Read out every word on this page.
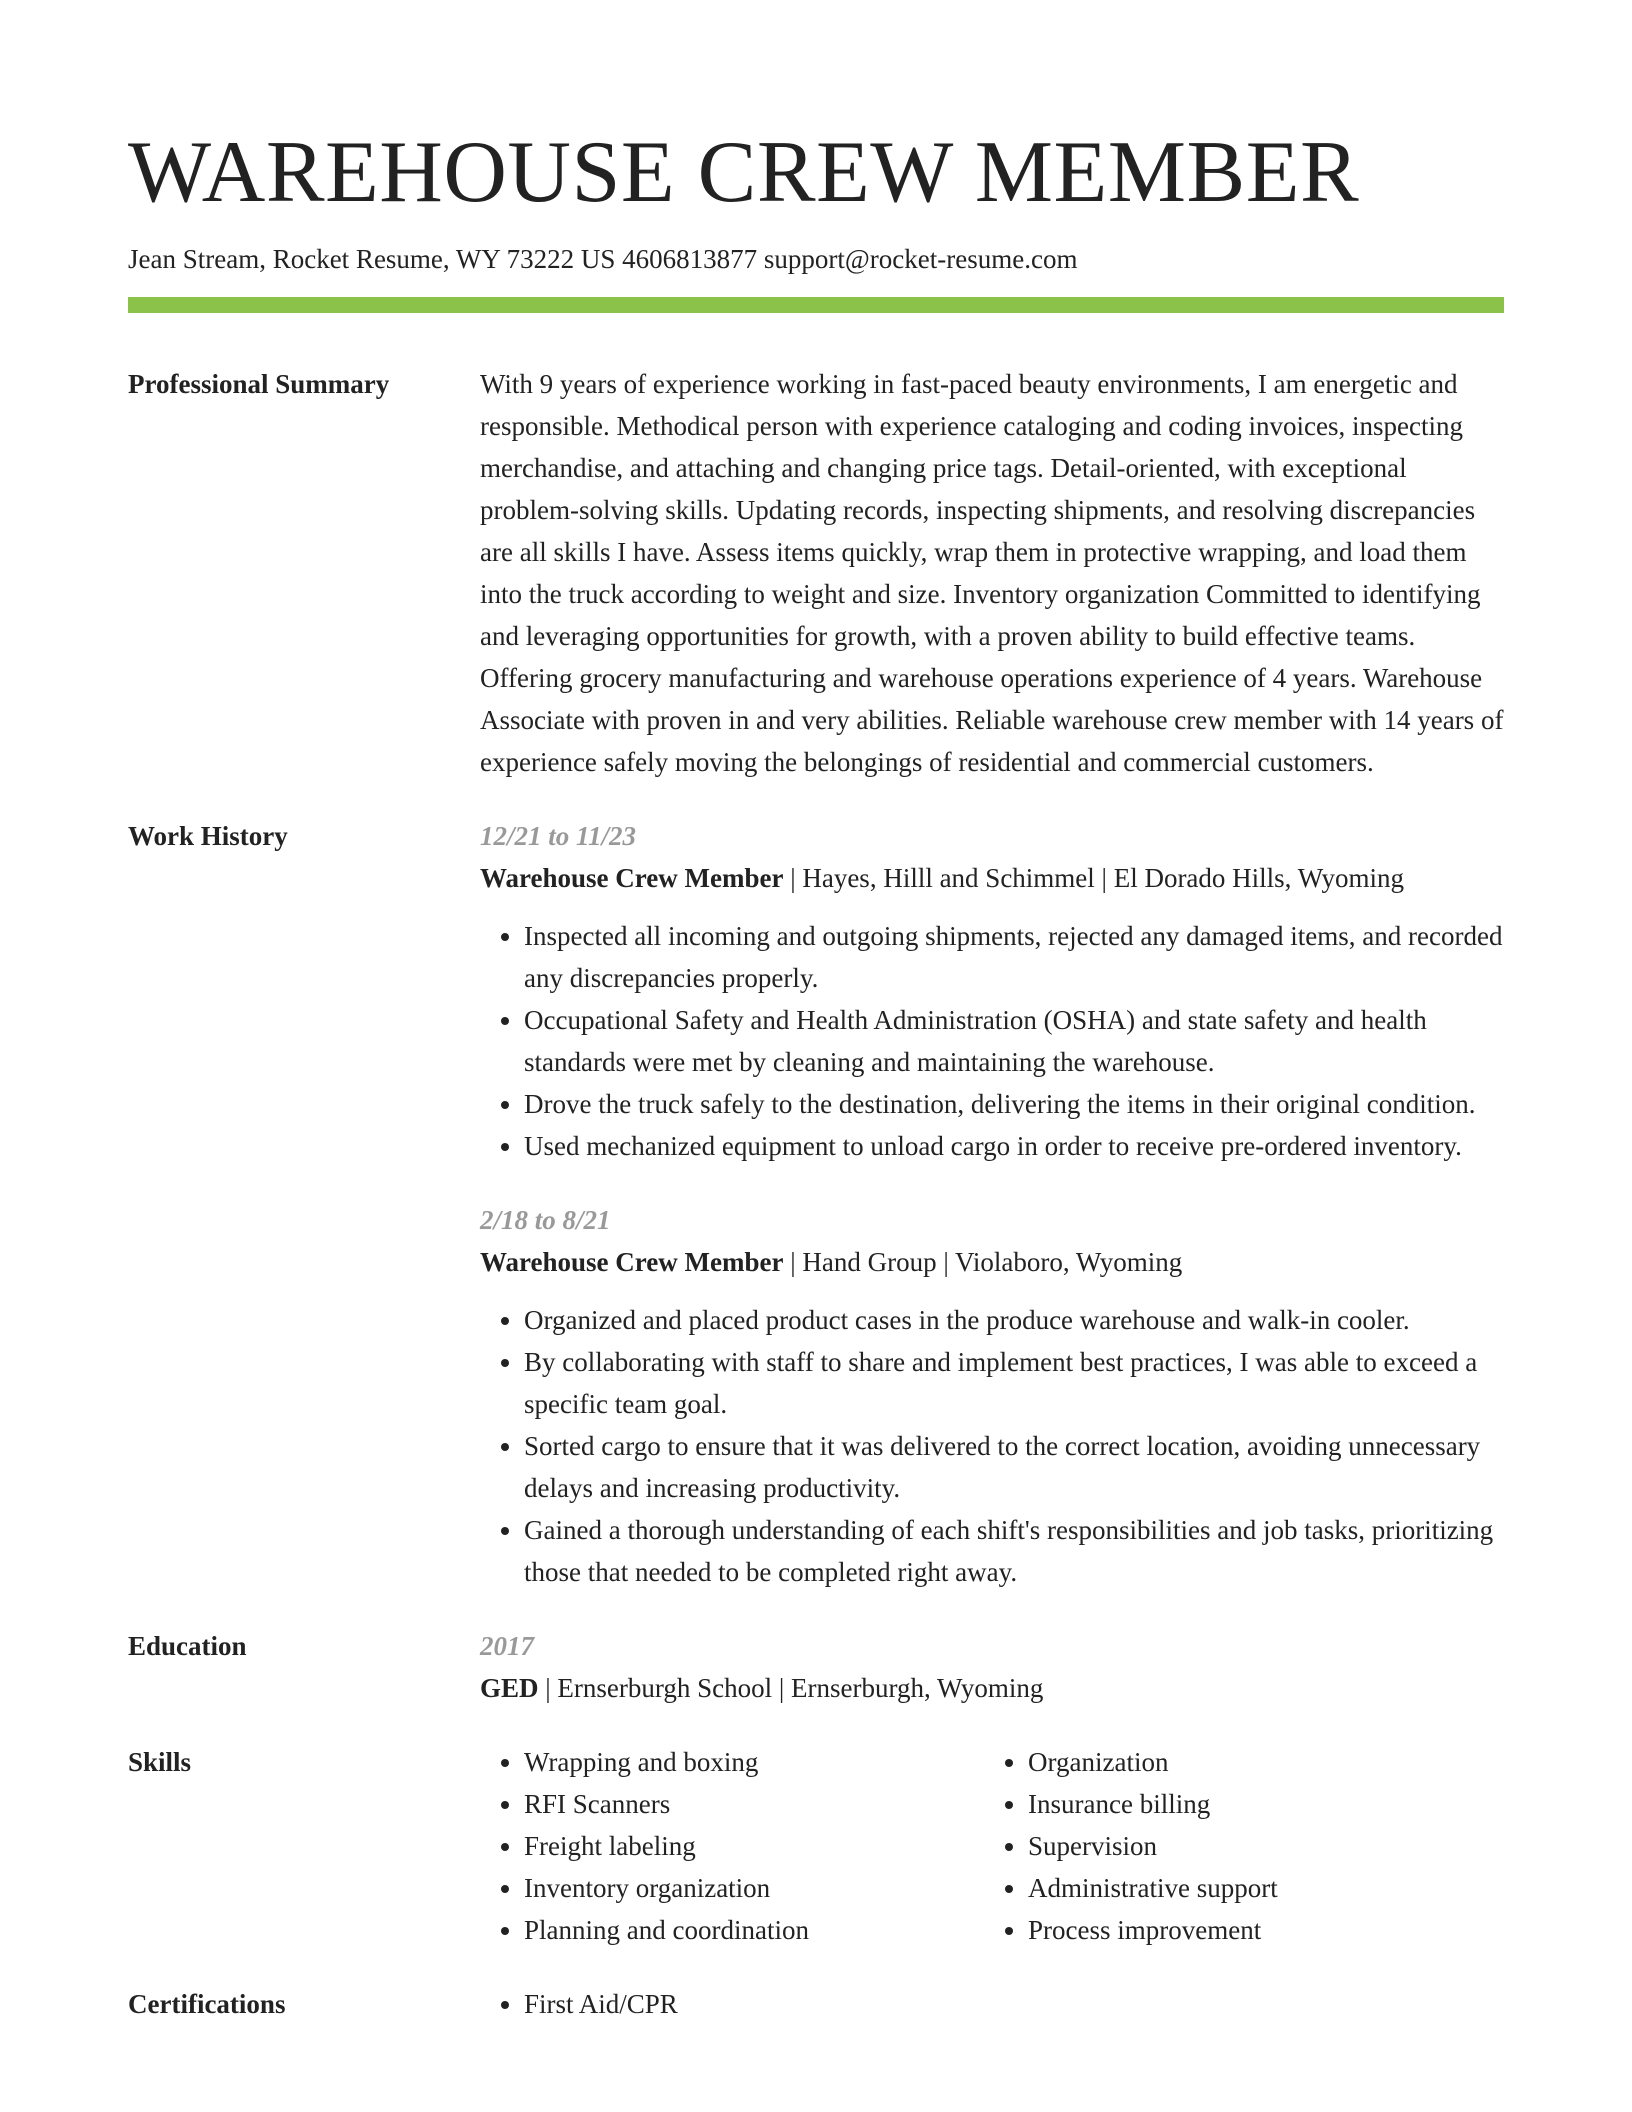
WAREHOUSE CREW MEMBER
Jean Stream, Rocket Resume, WY 73222 US 4606813877 support@rocket-resume.com
Professional Summary	With 9 years of experience working in fast-paced beauty environments, I am energetic and responsible. Methodical person with experience cataloging and coding invoices, inspecting merchandise, and attaching and changing price tags. Detail-oriented, with exceptional problem-solving skills. Updating records, inspecting shipments, and resolving discrepancies are all skills I have. Assess items quickly, wrap them in protective wrapping, and load them into the truck according to weight and size. Inventory organization Committed to identifying and leveraging opportunities for growth, with a proven ability to build effective teams. Offering grocery manufacturing and warehouse operations experience of 4 years. Warehouse Associate with proven in and very abilities. Reliable warehouse crew member with 14 years of experience safely moving the belongings of residential and commercial customers.

Work History	12/21 to 11/23

Warehouse Crew Member | Hayes, Hilll and Schimmel | El Dorado Hills, Wyoming

• Inspected all incoming and outgoing shipments, rejected any damaged items, and recorded any discrepancies properly.
• Occupational Safety and Health Administration (OSHA) and state safety and health standards were met by cleaning and maintaining the warehouse.
• Drove the truck safely to the destination, delivering the items in their original condition.
• Used mechanized equipment to unload cargo in order to receive pre-ordered inventory.
2/18 to 8/21

Warehouse Crew Member | Hand Group | Violaboro, Wyoming

• Organized and placed product cases in the produce warehouse and walk-in cooler.
• By collaborating with staff to share and implement best practices, I was able to exceed a specific team goal.
• Sorted cargo to ensure that it was delivered to the correct location, avoiding unnecessary delays and increasing productivity.
• Gained a thorough understanding of each shift's responsibilities and job tasks, prioritizing those that needed to be completed right away.
Education	2017

GED | Ernserburgh School | Ernserburgh, Wyoming

Skills	• Wrapping and boxing
• RFI Scanners
• Freight labeling
• Inventory organization
• Planning and coordination
• Organization
• Insurance billing
• Supervision
• Administrative support
• Process improvement
Certifications	• First Aid/CPR
